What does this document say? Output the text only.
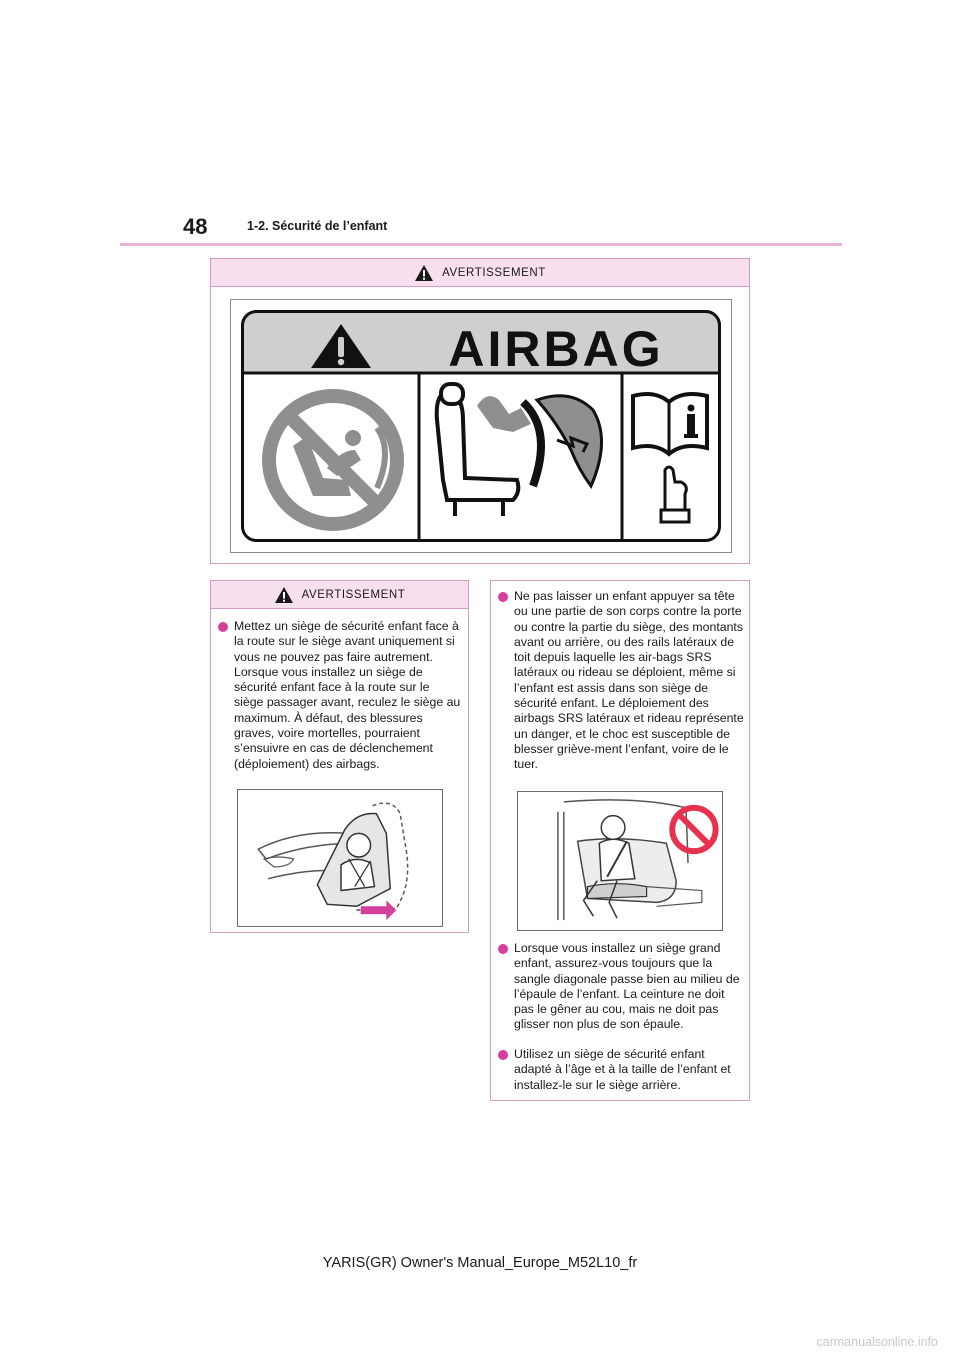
48	1-2. Sécurité de l’enfant
AVERTISSEMENT
AIRBAG
AVERTISSEMENT
Mettez un siège de sécurité enfant face à la route sur le siège avant uniquement si vous ne pouvez pas faire autrement. Lorsque vous installez un siège de sécurité enfant face à la route sur le siège passager avant, reculez le siège au maximum. À défaut, des blessures graves, voire mortelles, pourraient s’ensuivre en cas de déclenchement (déploiement) des airbags.
Ne pas laisser un enfant appuyer sa tête ou une partie de son corps contre la porte ou contre la partie du siège, des montants avant ou arrière, ou des rails latéraux de toit depuis laquelle les air-bags SRS latéraux ou rideau se déploient, même si l’enfant est assis dans son siège de sécurité enfant. Le déploiement des airbags SRS latéraux et rideau représente un danger, et le choc est susceptible de blesser griève-ment l’enfant, voire de le tuer.
Lorsque vous installez un siège grand enfant, assurez-vous toujours que la sangle diagonale passe bien au milieu de l’épaule de l’enfant. La ceinture ne doit pas le gêner au cou, mais ne doit pas glisser non plus de son épaule.
Utilisez un siège de sécurité enfant adapté à l’âge et à la taille de l’enfant et installez-le sur le siège arrière.
YARIS(GR) Owner's Manual_Europe_M52L10_fr
carmanualsonline.info
